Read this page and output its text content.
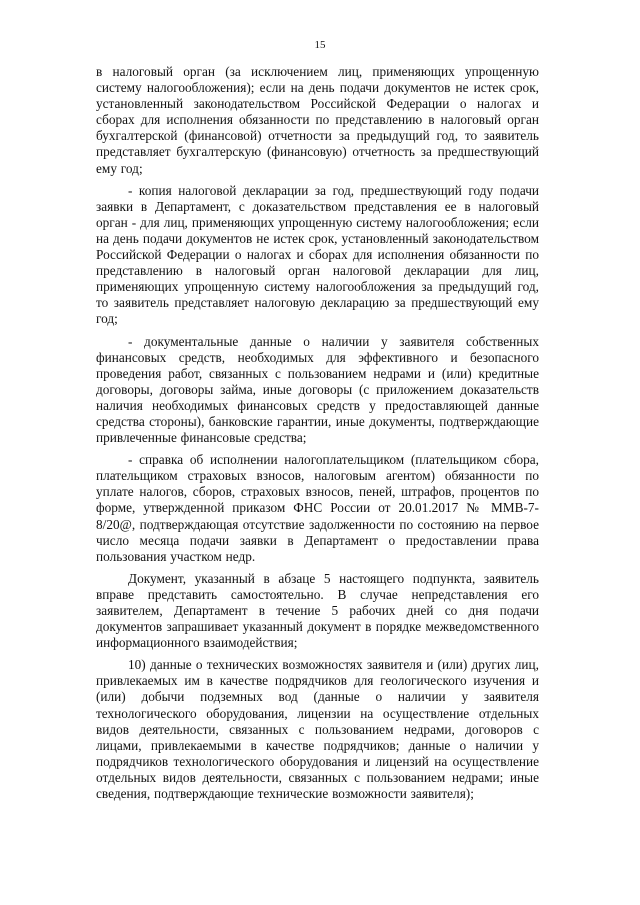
15

в налоговый орган (за исключением лиц, применяющих упрощенную систему налогообложения); если на день подачи документов не истек срок, установленный законодательством Российской Федерации о налогах и сборах для исполнения обязанности по представлению в налоговый орган бухгалтерской (финансовой) отчетности за предыдущий год, то заявитель представляет бухгалтерскую (финансовую) отчетность за предшествующий ему год;

- копия налоговой декларации за год, предшествующий году подачи заявки в Департамент, с доказательством представления ее в налоговый орган - для лиц, применяющих упрощенную систему налогообложения; если на день подачи документов не истек срок, установленный законодательством Российской Федерации о налогах и сборах для исполнения обязанности по представлению в налоговый орган налоговой декларации для лиц, применяющих упрощенную систему налогообложения за предыдущий год, то заявитель представляет налоговую декларацию за предшествующий ему год;

- документальные данные о наличии у заявителя собственных финансовых средств, необходимых для эффективного и безопасного проведения работ, связанных с пользованием недрами и (или) кредитные договоры, договоры займа, иные договоры (с приложением доказательств наличия необходимых финансовых средств у предоставляющей данные средства стороны), банковские гарантии, иные документы, подтверждающие привлеченные финансовые средства;

- справка об исполнении налогоплательщиком (плательщиком сбора, плательщиком страховых взносов, налоговым агентом) обязанности по уплате налогов, сборов, страховых взносов, пеней, штрафов, процентов по форме, утвержденной приказом ФНС России от 20.01.2017 № ММВ-7-8/20@, подтверждающая отсутствие задолженности по состоянию на первое число месяца подачи заявки в Департамент о предоставлении права пользования участком недр.

Документ, указанный в абзаце 5 настоящего подпункта, заявитель вправе представить самостоятельно. В случае непредставления его заявителем, Департамент в течение 5 рабочих дней со дня подачи документов запрашивает указанный документ в порядке межведомственного информационного взаимодействия;

10) данные о технических возможностях заявителя и (или) других лиц, привлекаемых им в качестве подрядчиков для геологического изучения и (или) добычи подземных вод (данные о наличии у заявителя технологического оборудования, лицензии на осуществление отдельных видов деятельности, связанных с пользованием недрами, договоров с лицами, привлекаемыми в качестве подрядчиков; данные о наличии у подрядчиков технологического оборудования и лицензий на осуществление отдельных видов деятельности, связанных с пользованием недрами; иные сведения, подтверждающие технические возможности заявителя);
